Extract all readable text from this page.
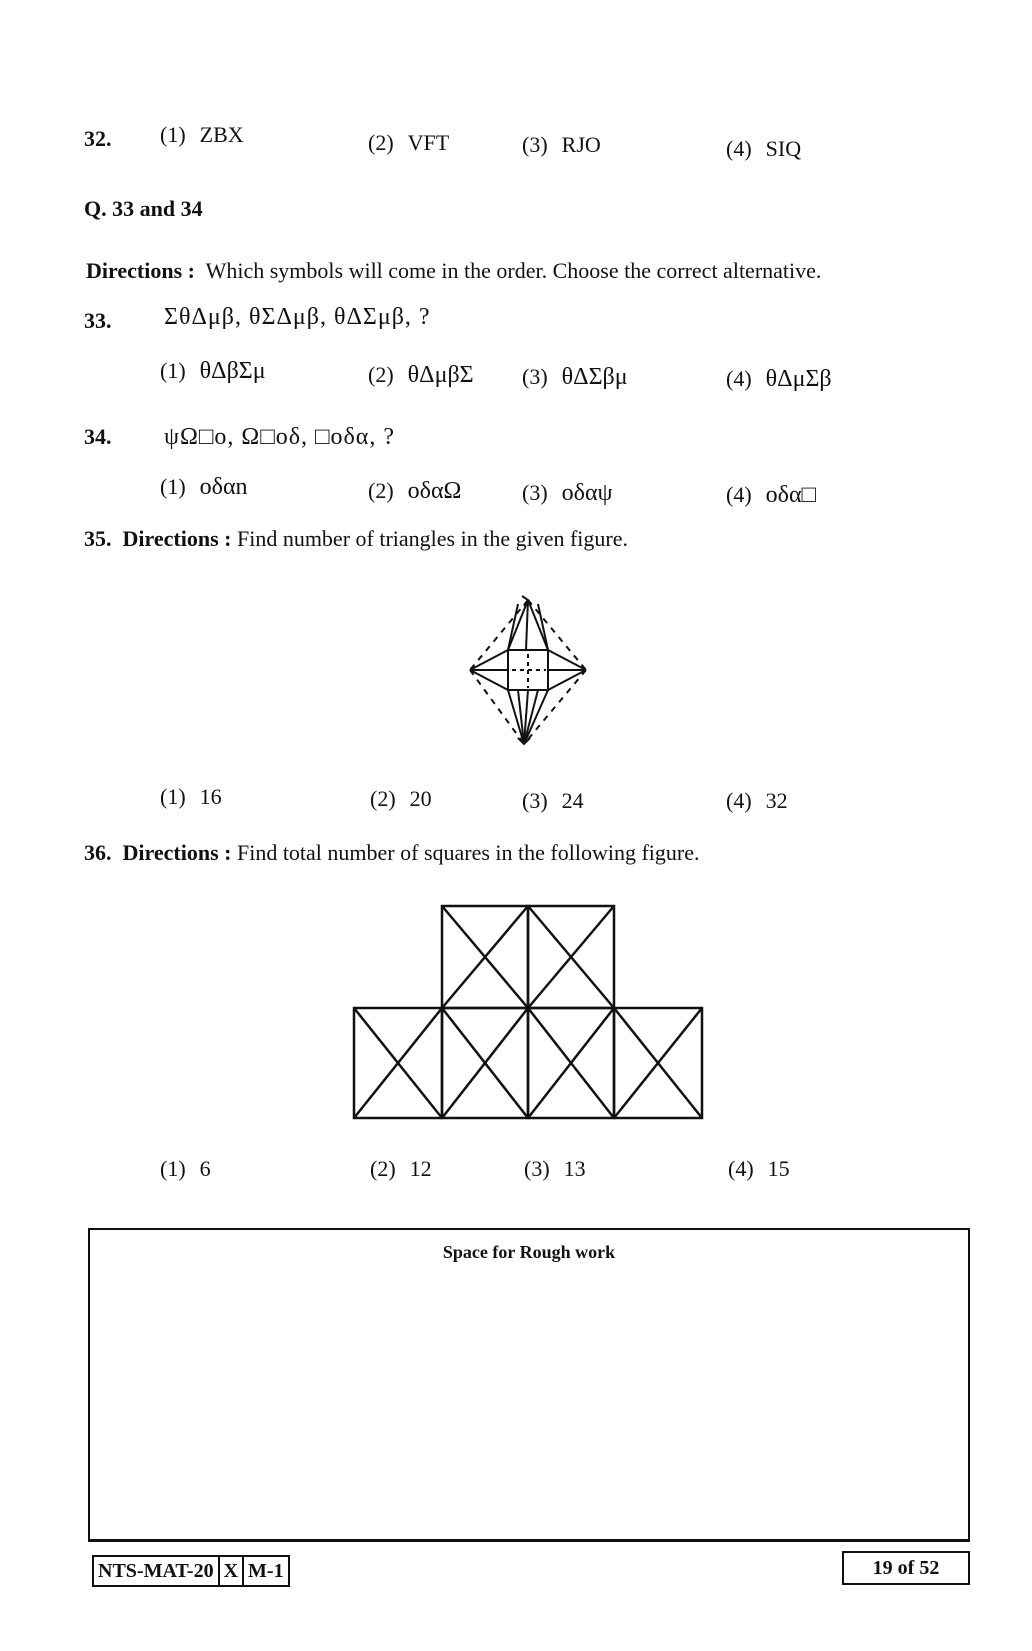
32. (1) ZBX	(2) VFT	(3) RJO	(4) SIQ
Q. 33 and 34
Directions : Which symbols will come in the order. Choose the correct alternative.
33. ΣθΔμβ, θΣΔμβ, θΔΣμβ, ?
(1) θΔβΣμ	(2) θΔμβΣ (3) θΔΣβμ	(4) θΔμΣβ
34. ψΩ□ο, Ω□οδ, □οδα, ?
(1) οδαn	(2) οδαΩ	(3) οδαψ	(4) οδα□
35. Directions : Find number of triangles in the given figure.
(1) 16	(2) 20	(3) 24	(4) 32
36. Directions : Find total number of squares in the following figure.
(1) 6	(2) 12	(3) 13	(4) 15
Space for Rough work
NTS-MAT-20 X M-1	19 of 52
